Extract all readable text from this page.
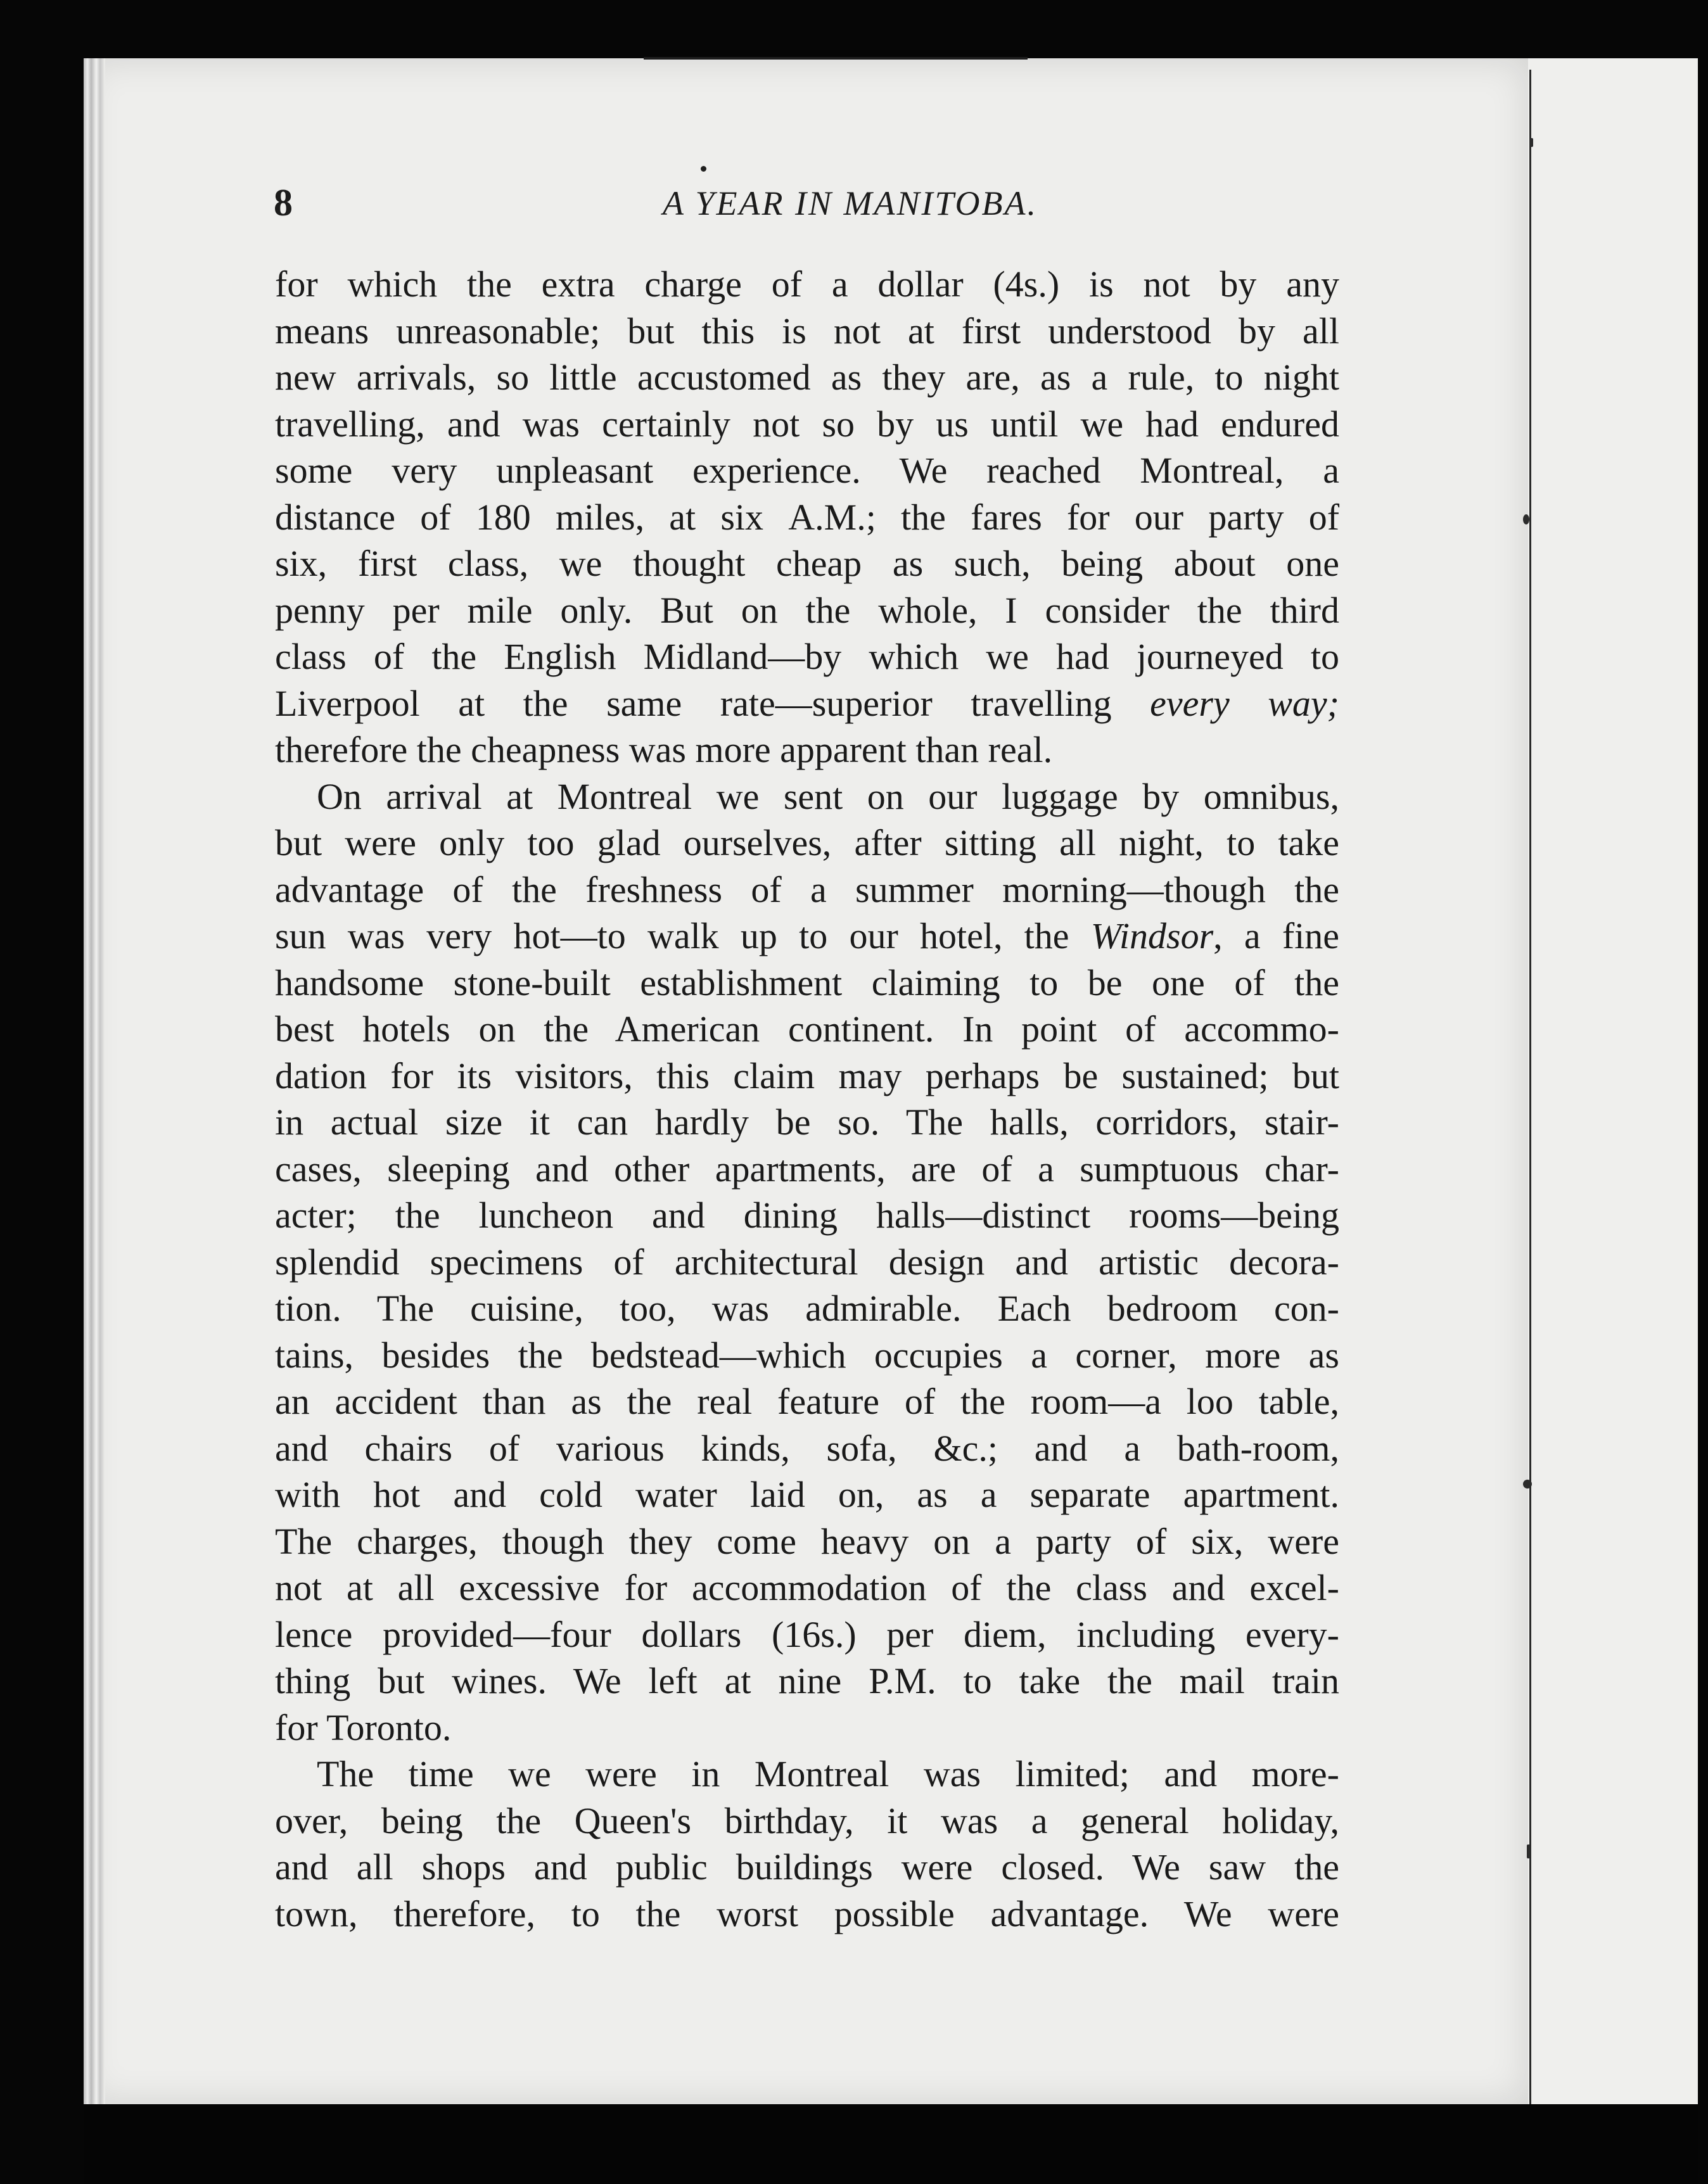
8	A YEAR IN MANITOBA.
for which the extra charge of a dollar (4s.) is not by any
means unreasonable; but this is not at first understood by all
new arrivals, so little accustomed as they are, as a rule, to night
travelling, and was certainly not so by us until we had endured
some very unpleasant experience. We reached Montreal, a
distance of 180 miles, at six A.M.; the fares for our party of
six, first class, we thought cheap as such, being about one
penny per mile only. But on the whole, I consider the third
class of the English Midland—by which we had journeyed to
Liverpool at the same rate—superior travelling every way;
therefore the cheapness was more apparent than real.
On arrival at Montreal we sent on our luggage by omnibus,
but were only too glad ourselves, after sitting all night, to take
advantage of the freshness of a summer morning—though the
sun was very hot—to walk up to our hotel, the Windsor, a fine
handsome stone-built establishment claiming to be one of the
best hotels on the American continent. In point of accommo-
dation for its visitors, this claim may perhaps be sustained; but
in actual size it can hardly be so. The halls, corridors, stair-
cases, sleeping and other apartments, are of a sumptuous char-
acter; the luncheon and dining halls—distinct rooms—being
splendid specimens of architectural design and artistic decora-
tion. The cuisine, too, was admirable. Each bedroom con-
tains, besides the bedstead—which occupies a corner, more as
an accident than as the real feature of the room—a loo table,
and chairs of various kinds, sofa, &c.; and a bath-room,
with hot and cold water laid on, as a separate apartment.
The charges, though they come heavy on a party of six, were
not at all excessive for accommodation of the class and excel-
lence provided—four dollars (16s.) per diem, including every-
thing but wines. We left at nine P.M. to take the mail train
for Toronto.
The time we were in Montreal was limited; and more-
over, being the Queen's birthday, it was a general holiday,
and all shops and public buildings were closed. We saw the
town, therefore, to the worst possible advantage. We were
